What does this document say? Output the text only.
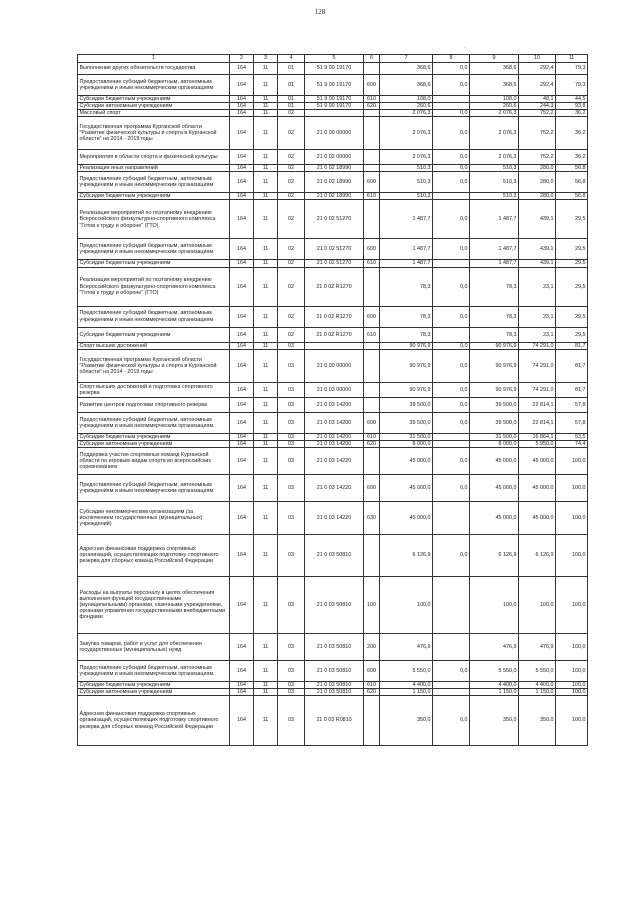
128
·
1	2	3	4	5	6	7	8	9	10	11
Выполнение других обязательств государства	164	11	01	51 9 00 19170		368,6	0,0	368,6	292,4	79,3
Предоставление субсидий бюджетным, автономным учреждениям и иным некоммерческим организациям	164	11	01	51 9 00 19170	600	368,6	0,0	368,6	292,4	79,3
Субсидии бюджетным учреждениям	164	11	01	51 9 00 19170	610	108,0		108,0	48,1	44,5
Субсидии автономным учреждениям	164	11	01	51 9 00 19170	620	260,6		260,6	244,3	93,8
Массовый спорт	164	11	02			2 076,3	0,0	2 076,3	752,2	36,2
Государственная программа Курганской области "Развитие физической культуры и спорта в Курганской области" на 2014 - 2019 годы	164	11	02	21 0 00 00000		2 076,3	0,0	2 076,3	752,2	36,2
Мероприятия в области спорта и физической культуры	164	11	02	21 0 02 00000		2 076,3	0,0	2 076,3	752,2	36,2
Реализация иных направлений	164	11	02	21 0 02 18990		510,3	0,0	510,3	280,0	56,8
Предоставление субсидий бюджетным, автономным учреждениям и иным некоммерческим организациям	164	11	02	21 0 02 18990	600	510,3	0,0	510,3	280,0	56,8
Субсидии бюджетным учреждениям	164	11	02	21 0 02 18990	610	510,3		510,3	280,0	56,8
Реализация мероприятий по поэтапному внедрению Всероссийского физкультурно-спортивного комплекса "Готов к труду и обороне" (ГТО)	164	11	02	21 0 02 51270		1 487,7	0,0	1 487,7	439,1	29,5
Предоставление субсидий бюджетным, автономным учреждениям и иным некоммерческим организациям	164	11	02	21 0 02 51270	600	1 487,7	0,0	1 487,7	439,1	29,5
Субсидии бюджетным учреждениям	164	11	02	21 0 02 51270	610	1 487,7		1 487,7	439,1	29,5
Реализация мероприятий по поэтапному внедрению Всероссийского физкультурно-спортивного комплекса "Готов к труду и обороне" (ГТО)	164	11	02	21 0 02 R1270		78,3	0,0	78,3	23,1	29,5
Предоставление субсидий бюджетным, автономным учреждениям и иным некоммерческим организациям	164	11	02	21 0 02 R1270	600	78,3	0,0	78,3	23,1	29,5
Субсидии бюджетным учреждениям	164	11	02	21 0 02 R1270	610	78,3		78,3	23,1	29,5
Спорт высших достижений	164	11	03			90 976,9	0,0	90 976,9	74 291,0	81,7
Государственная программа Курганской области "Развитие физической культуры и спорта в Курганской области" на 2014 - 2019 годы	164	11	03	21 0 00 00000		90 976,9	0,0	90 976,9	74 291,0	81,7
Спорт высших достижений и подготовка спортивного резерва	164	11	03	21 0 03 00000		90 976,9	0,0	90 976,9	74 291,0	81,7
Развитие центров подготовки спортивного резерва	164	11	03	21 0 03 14200		39 500,0	0,0	39 500,0	22 814,1	57,8
Предоставление субсидий бюджетным, автономным учреждениям и иным некоммерческим организациям	164	11	03	21 0 03 14200	600	39 500,0	0,0	39 500,0	22 814,1	57,8
Субсидии бюджетным учреждениям	164	11	03	21 0 03 14200	610	31 500,0		31 500,0	16 864,1	53,5
Субсидии автономным учреждениям	164	11	03	21 0 03 14200	620	8 000,0		8 000,0	5 950,0	74,4
Поддержка участия спортивных команд Курганской области по игровым видам спорта во всероссийских соревнованиях	164	11	03	21 0 03 14220		45 000,0	0,0	45 000,0	45 000,0	100,0
Предоставление субсидий бюджетным, автономным учреждениям и иным некоммерческим организациям	164	11	03	21 0 03 14220	600	45 000,0	0,0	45 000,0	45 000,0	100,0
Субсидии некоммерческим организациям (за исключением государственных (муниципальных) учреждений)	164	11	03	21 0 03 14220	630	45 000,0		45 000,0	45 000,0	100,0
Адресная финансовая поддержка спортивных организаций, осуществляющих подготовку спортивного резерва для сборных команд Российской Федерации	164	11	03	21 0 03 50810		6 126,9	0,0	6 126,9	6 126,9	100,0
Расходы на выплаты персоналу в целях обеспечения выполнения функций государственными (муниципальными) органами, казенными учреждениями, органами управления государственными внебюджетными фондами	164	11	03	21 0 03 50810	100	100,0		100,0	100,0	100,0
Закупка товаров, работ и услуг для обеспечения государственных (муниципальных) нужд	164	11	03	21 0 03 50810	200	476,9		476,9	476,9	100,0
Предоставление субсидий бюджетным, автономным учреждениям и иным некоммерческим организациям	164	11	03	21 0 03 50810	600	5 550,0	0,0	5 550,0	5 550,0	100,0
Субсидии бюджетным учреждениям	164	11	03	21 0 03 50810	610	4 400,0		4 400,0	4 400,0	100,0
Субсидии автономным учреждениям	164	11	03	21 0 03 50810	620	1 150,0		1 150,0	1 150,0	100,0
Адресная финансовая поддержка спортивных организаций, осуществляющих подготовку спортивного резерва для сборных команд Российской Федерации	164	11	03	21 0 03 R0810		350,0	0,0	350,0	350,0	100,0
